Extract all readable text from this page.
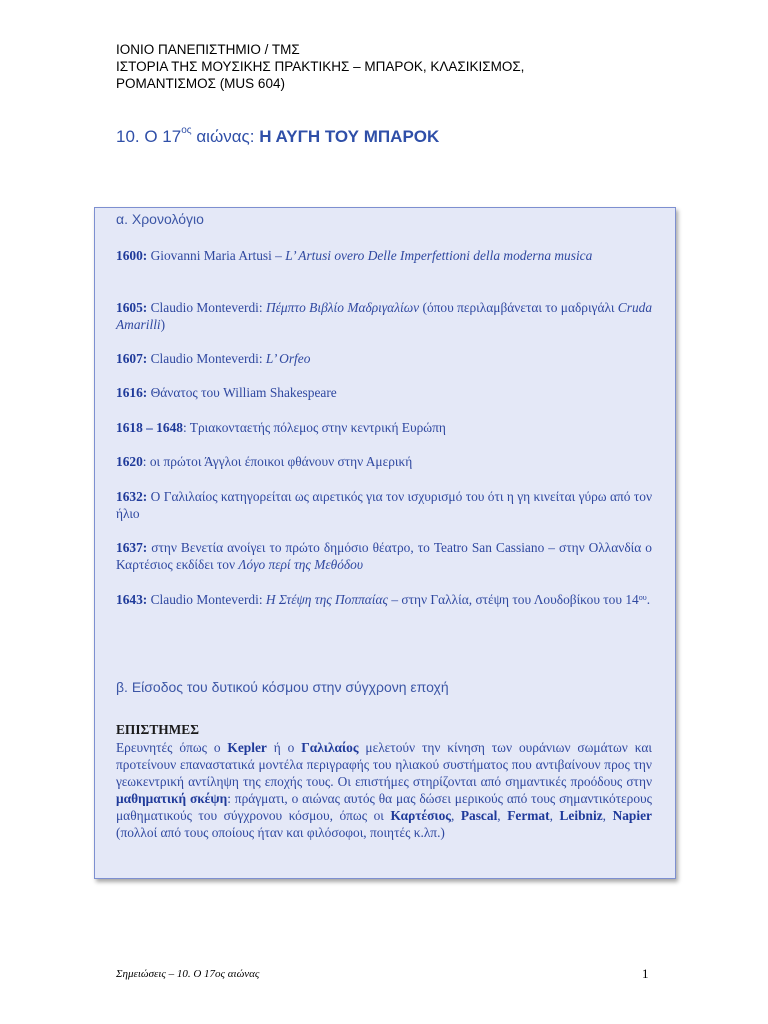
ΙΟΝΙΟ ΠΑΝΕΠΙΣΤΗΜΙΟ / ΤΜΣ
ΙΣΤΟΡΙΑ ΤΗΣ ΜΟΥΣΙΚΗΣ ΠΡΑΚΤΙΚΗΣ – ΜΠΑΡΟΚ, ΚΛΑΣΙΚΙΣΜΟΣ,
ΡΟΜΑΝΤΙΣΜΟΣ (MUS 604)
10. Ο $17^{o\varsigma}$ αιώνας: Η ΑΥΓΗ ΤΟΥ ΜΠΑΡΟΚ
α. Χρονολόγιο
1600: Giovanni Maria Artusi – L’ Artusi overo Delle Imperfettioni della moderna musica
1605: Claudio Monteverdi: Πέμπτο Βιβλίο Μαδριγαλίων (όπου περιλαμβάνεται το μαδριγάλι Cruda Amarilli)
1607: Claudio Monteverdi: L’ Orfeo
1616: Θάνατος του William Shakespeare
1618 – 1648: Τριακονταετής πόλεμος στην κεντρική Ευρώπη
1620: οι πρώτοι Άγγλοι έποικοι φθάνουν στην Αμερική
1632: Ο Γαλιλαίος κατηγορείται ως αιρετικός για τον ισχυρισμό του ότι η γη κινείται γύρω από τον ήλιο
1637: στην Βενετία ανοίγει το πρώτο δημόσιο θέατρο, το Teatro San Cassiano – στην Ολλανδία ο Καρτέσιος εκδίδει τον Λόγο περί της Μεθόδου
1643: Claudio Monteverdi: Η Στέψη της Ποππαίας – στην Γαλλία, στέψη του Λουδοβίκου του $14^{o\upsilon}$.
β. Είσοδος του δυτικού κόσμου στην σύγχρονη εποχή
ΕΠΙΣΤΗΜΕΣ
Ερευνητές όπως ο Kepler ή ο Γαλιλαίος μελετούν την κίνηση των ουράνιων σωμάτων και προτείνουν επαναστατικά μοντέλα περιγραφής του ηλιακού συστήματος που αντιβαίνουν προς την γεωκεντρική αντίληψη της εποχής τους. Οι επιστήμες στηρίζονται από σημαντικές προόδους στην μαθηματική σκέψη: πράγματι, ο αιώνας αυτός θα μας δώσει μερικούς από τους σημαντικότερους μαθηματικούς του σύγχρονου κόσμου, όπως οι Καρτέσιος, Pascal, Fermat, Leibniz, Napier (πολλοί από τους οποίους ήταν και φιλόσοφοι, ποιητές κ.λπ.)
Σημειώσεις – 10. Ο 17ος αιώνας	1
